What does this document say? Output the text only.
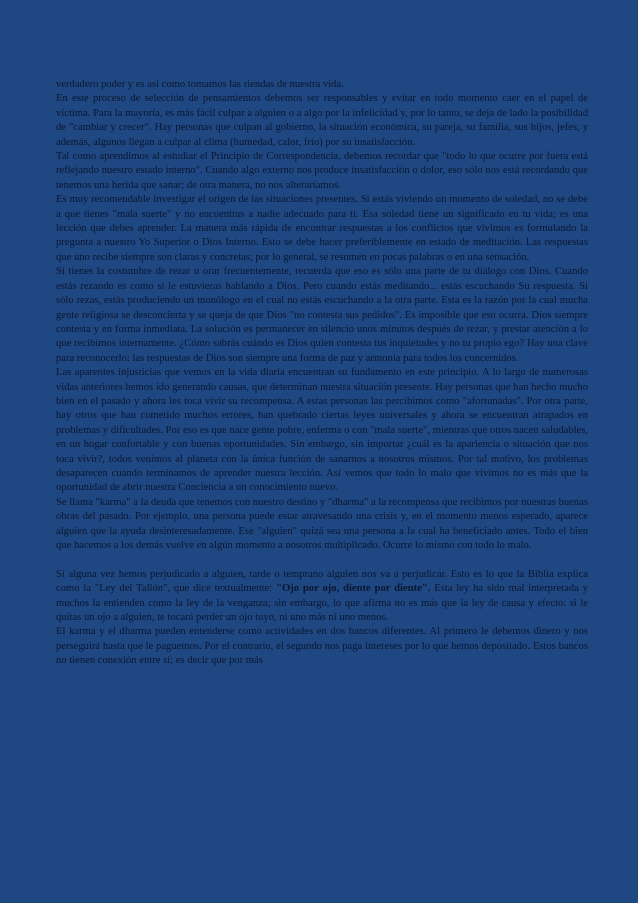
verdadero poder y es así como tomamos las riendas de nuestra vida.

En este proceso de selección de pensamientos debemos ser responsables y evitar en todo momento caer en el papel de víctima. Para la mayoría, es más fácil culpar a alguien o a algo por la infelicidad y, por lo tanto, se deja de lado la posibilidad de "cambiar y crecer". Hay personas que culpan al gobierno, la situación económica, su pareja, su familia, sus hijos, jefes, y además, algunos llegan a culpar al clima (humedad, calor, frío) por su insatisfacción.

Tal como aprendimos al estudiar el Principio de Correspondencia, debemos recordar que "todo lo que ocurre por fuera está reflejando nuestro estado interno". Cuando algo externo nos produce insatisfacción o dolor, eso sólo nos está recordando que tenemos una herida que sanar; de otra manera, no nos alteraríamos.

Es muy recomendable investigar el origen de las situaciones presentes. Si estás viviendo un momento de soledad, no se debe a que tienes "mala suerte" y no encuentras a nadie adecuado para ti. Esa soledad tiene un significado en tu vida; es una lección que debes aprender. La manera más rápida de encontrar respuestas a los conflictos que vivimos es formulando la pregunta a nuestro Yo Superior o Dios Interno. Esto se debe hacer preferiblemente en estado de meditación. Las respuestas que uno recibe siempre son claras y concretas; por lo general, se resumen en pocas palabras o en una sensación.

Si tienes la costumbre de rezar u orar frecuentemente, recuerda que eso es sólo una parte de tu diálogo con Dios. Cuando estás rezando es como si le estuvieras hablando a Dios. Pero cuando estás meditando... estás escuchando Su respuesta. Si sólo rezas, estás produciendo un monólogo en el cual no estás escuchando a la otra parte. Esta es la razón por la cual mucha gente religiosa se desconcierta y se queja de que Dios "no contesta sus pedidos". Es imposible que eso ocurra. Dios siempre contesta y en forma inmediata. La solución es permanecer en silencio unos minutos después de rezar, y prestar atención a lo que recibimos internamente. ¿Cómo sabrás cuándo es Dios quien contesta tus inquietudes y no tu propio ego? Hay una clave para reconocerlo: las respuestas de Dios son siempre una forma de paz y armonía para todos los concernidos.

Las aparentes injusticias que vemos en la vida diaria encuentran su fundamento en este principio. A lo largo de numerosas vidas anteriores hemos ido generando causas, que determinan nuestra situación presente. Hay personas que han hecho mucho bien en el pasado y ahora les toca vivir su recompensa. A estas personas las percibimos como "afortunadas". Por otra parte, hay otros que han cometido muchos errores, han quebrado ciertas leyes universales y ahora se encuentran atrapados en problemas y dificultades. Por eso es que nace gente pobre, enferma o con "mala suerte", mientras que otros nacen saludables, en un hogar confortable y con buenas oportunidades. Sin embargo, sin importar ¿cuál es la apariencia o situación que nos toca vivir?, todos venimos al planeta con la única función de sanarnos a nosotros mismos. Por tal motivo, los problemas desaparecen cuando terminamos de aprender nuestra lección. Así vemos que todo lo malo que vivimos no es más que la oportunidad de abrir nuestra Conciencia a un conocimiento nuevo.

Se llama "karma" a la deuda que tenemos con nuestro destino y "dharma" a la recompensa que recibimos por nuestras buenas obras del pasado. Por ejemplo, una persona puede estar atravesando una crisis y, en el momento menos esperado, aparece alguien que la ayuda desinteresadamente. Ese "alguien" quizá sea una persona a la cual ha beneficiado antes. Todo el bien que hacemos a los demás vuelve en algún momento a nosotros multiplicado. Ocurre lo mismo con todo lo malo.

Si alguna vez hemos perjudicado a alguien, tarde o temprano alguien nos va a perjudicar. Esto es lo que la Biblia explica como la "Ley del Tallón", que dice textualmente: "Ojo por ojo, diente por diente". Esta ley ha sido mal interpretada y muchos la entienden como la ley de la venganza; sin embargo, lo que afirma no es más que la ley de causa y efecto: si le quitas un ojo a alguien, te tocará perder un ojo tuyo, ni uno más ni uno menos.

El karma y el dharma pueden entenderse como actividades en dos bancos diferentes. Al primero le debemos dinero y nos perseguirá hasta que le paguemos. Por el contrario, el segundo nos paga intereses por lo que hemos depositado. Estos bancos no tienen conexión entre sí; es decir que por más
